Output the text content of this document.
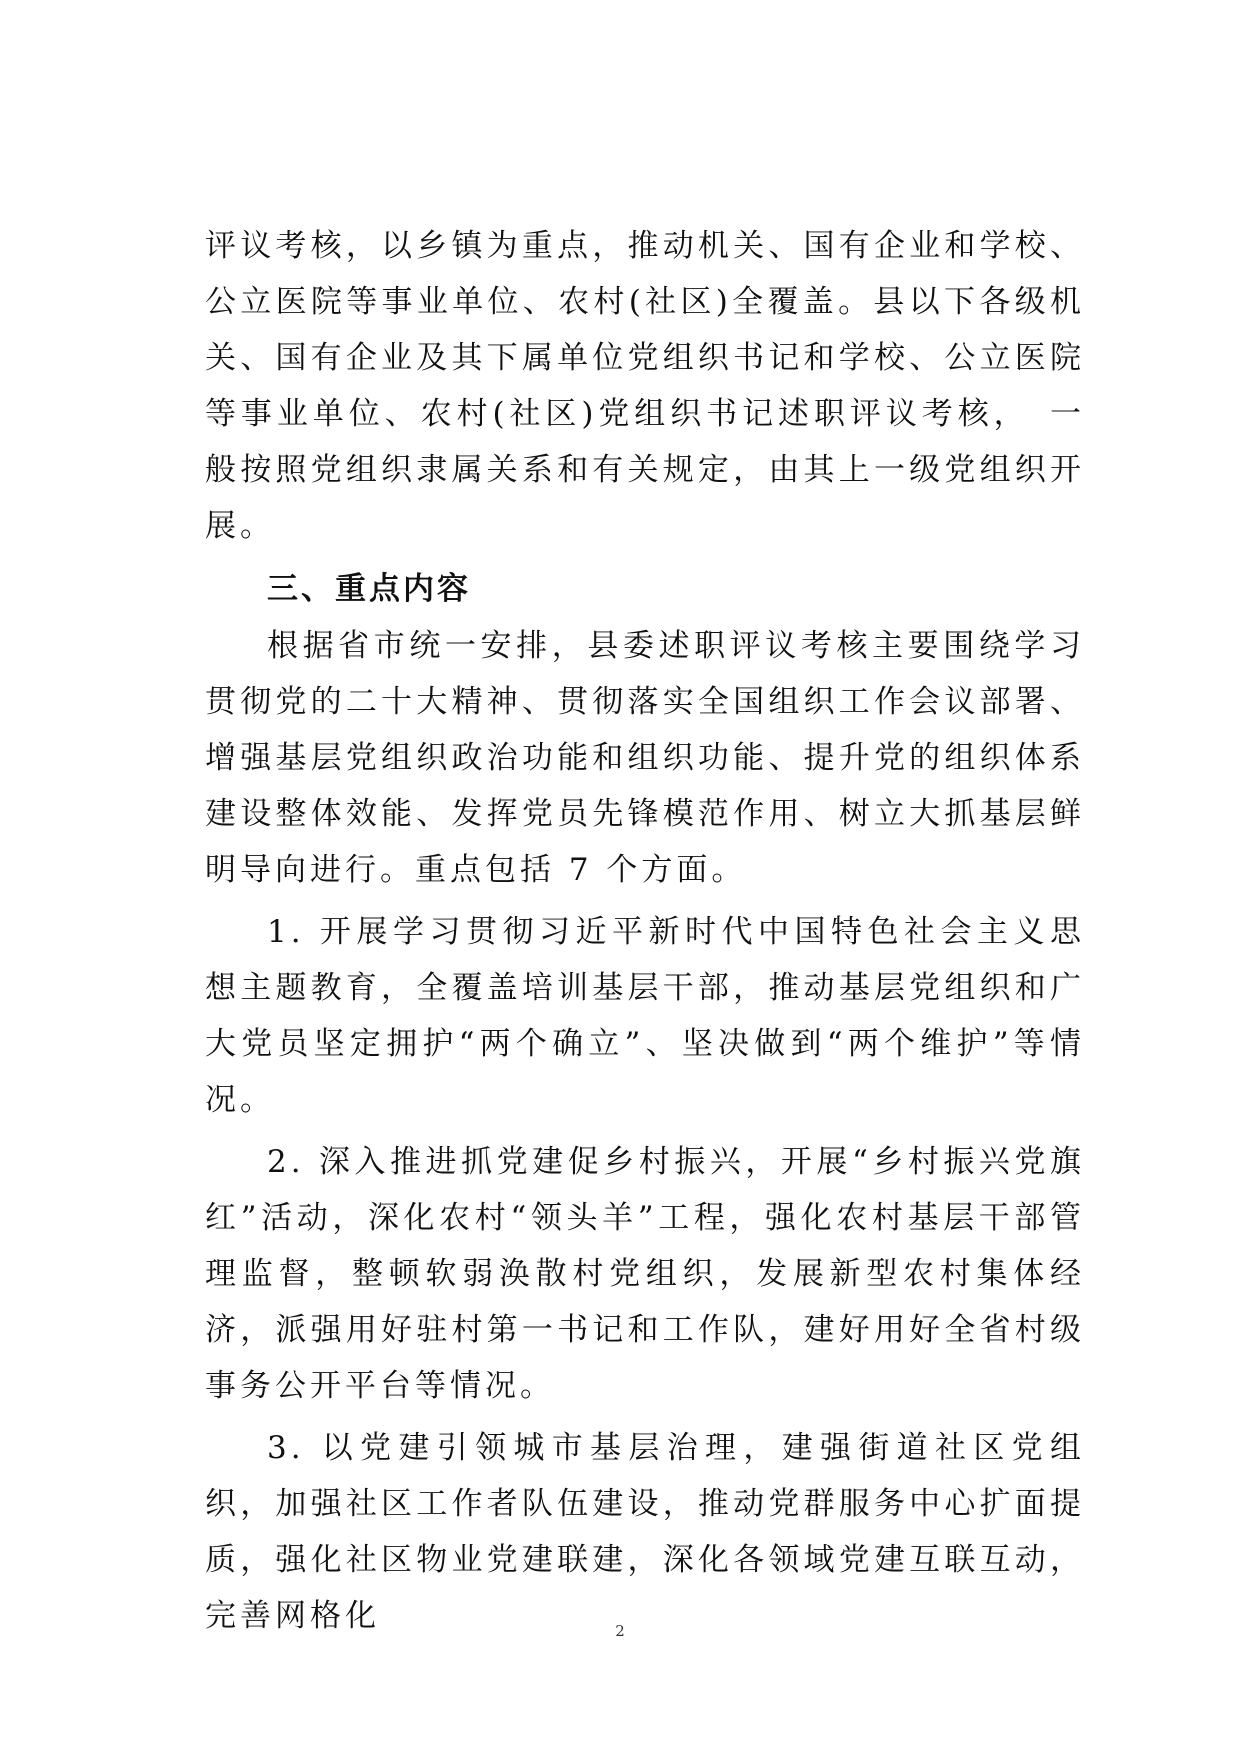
评议考核，以乡镇为重点，推动机关、国有企业和学校、公立医院等事业单位、农村(社区)全覆盖。县以下各级机关、国有企业及其下属单位党组织书记和学校、公立医院等事业单位、农村(社区)党组织书记述职评议考核，　一般按照党组织隶属关系和有关规定，由其上一级党组织开展。

三、重点内容

根据省市统一安排，县委述职评议考核主要围绕学习贯彻党的二十大精神、贯彻落实全国组织工作会议部署、增强基层党组织政治功能和组织功能、提升党的组织体系建设整体效能、发挥党员先锋模范作用、树立大抓基层鲜明导向进行。重点包括 7 个方面。

1. 开展学习贯彻习近平新时代中国特色社会主义思想主题教育，全覆盖培训基层干部，推动基层党组织和广大党员坚定拥护“两个确立”、坚决做到“两个维护”等情况。

2. 深入推进抓党建促乡村振兴，开展“乡村振兴党旗红”活动，深化农村“领头羊”工程，强化农村基层干部管理监督，整顿软弱涣散村党组织，发展新型农村集体经济，派强用好驻村第一书记和工作队，建好用好全省村级事务公开平台等情况。

3. 以党建引领城市基层治理，建强街道社区党组织，加强社区工作者队伍建设，推动党群服务中心扩面提质，强化社区物业党建联建，深化各领域党建互联互动，完善网格化	2
